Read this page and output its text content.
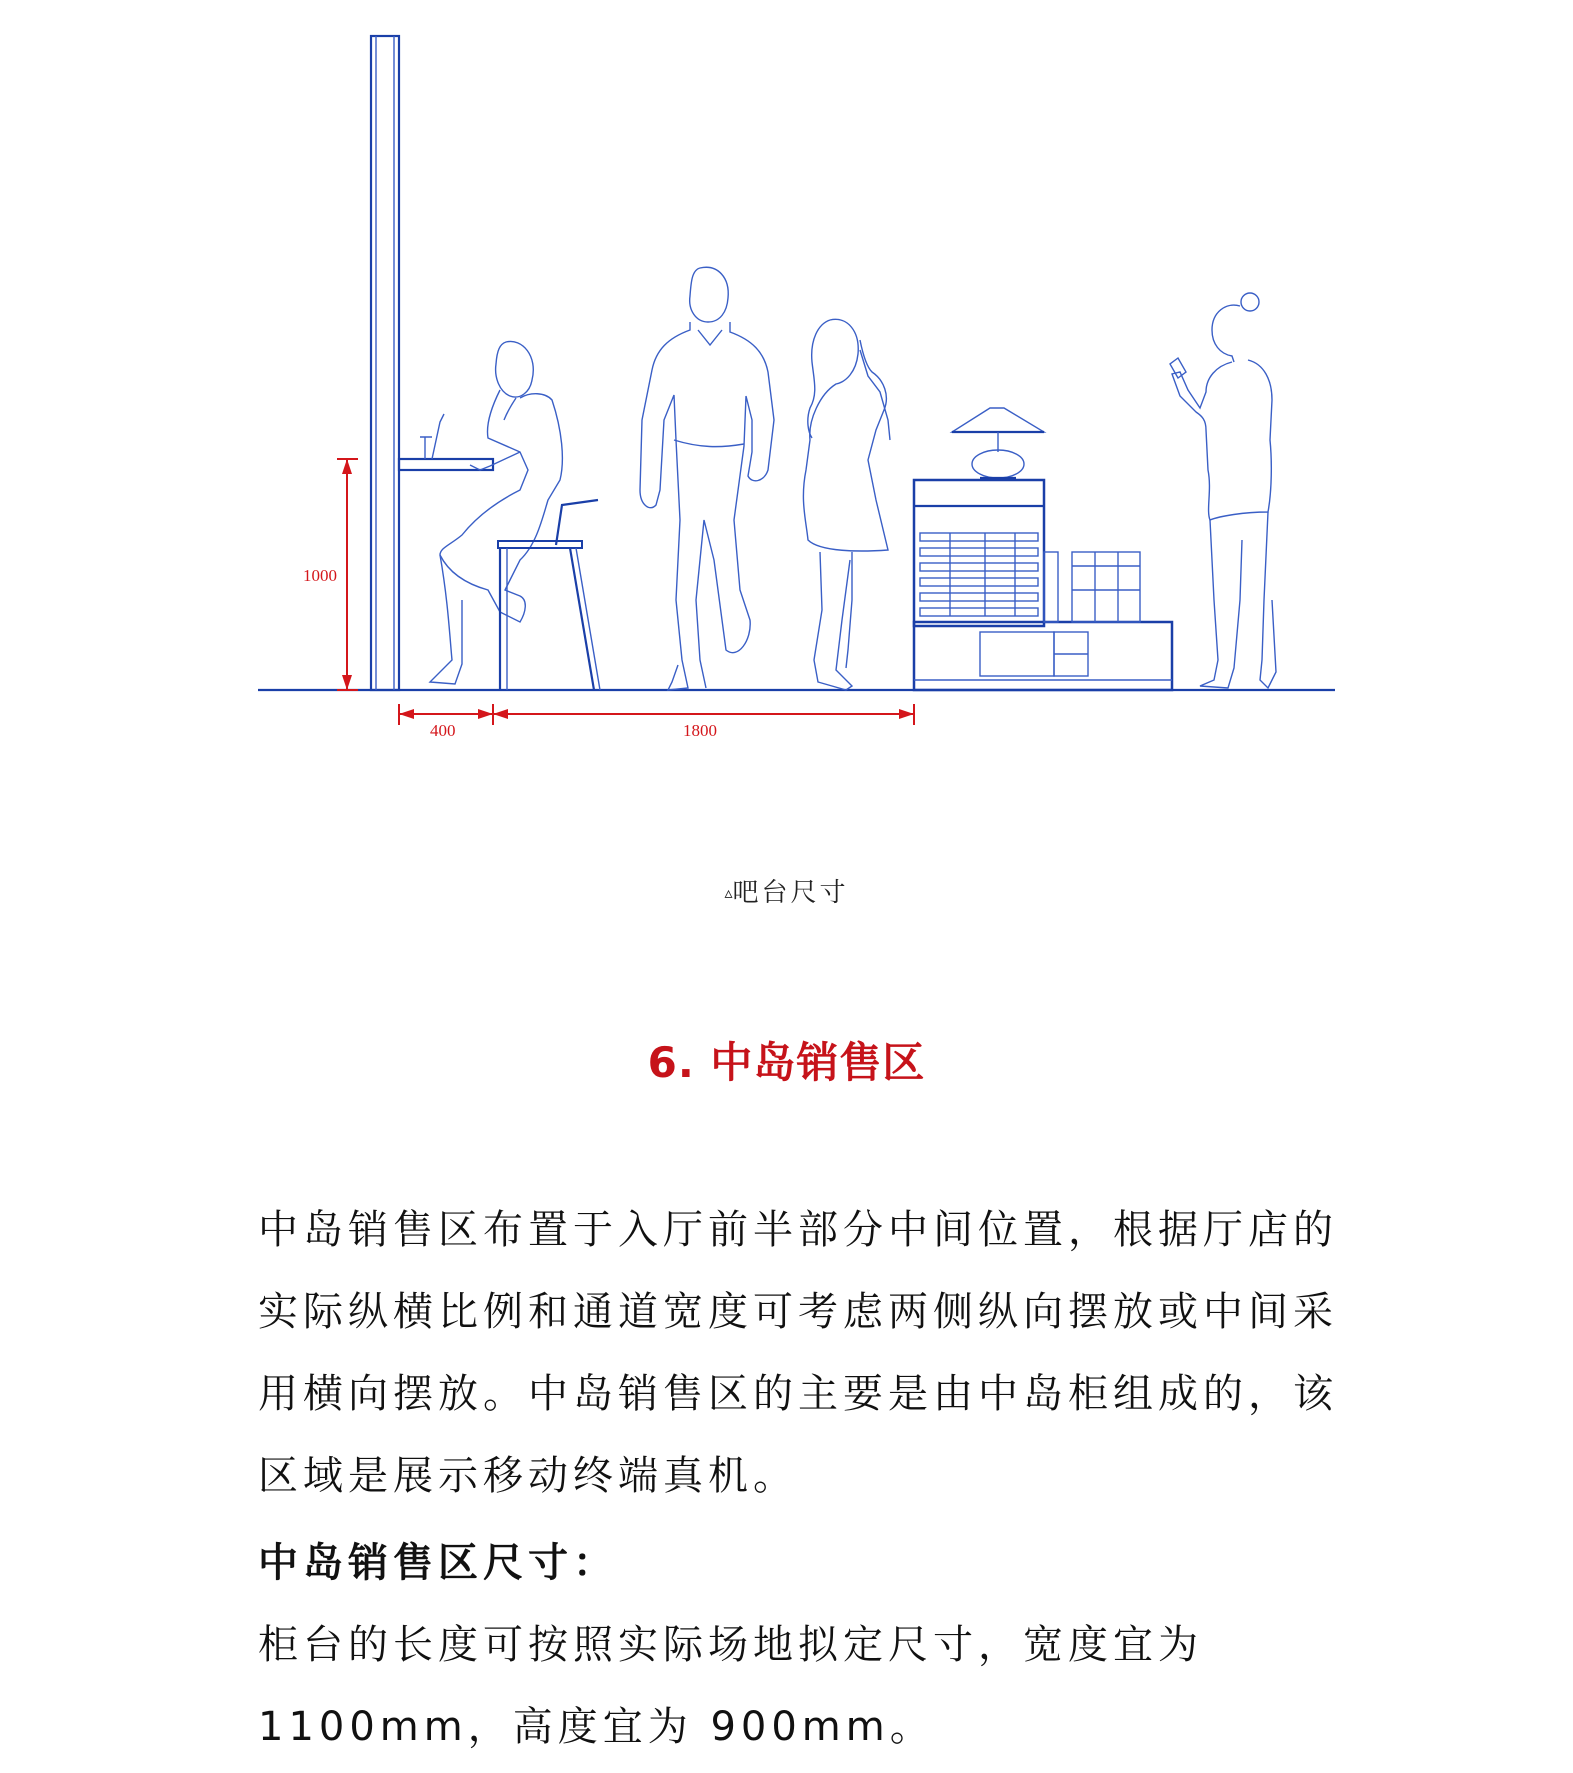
1000
400	1800
▵吧台尺寸
6. 中岛销售区

中岛销售区布置于入厅前半部分中间位置，根据厅店的实际纵横比例和通道宽度可考虑两侧纵向摆放或中间采用横向摆放。中岛销售区的主要是由中岛柜组成的，该区域是展示移动终端真机。

中岛销售区尺寸：

柜台的长度可按照实际场地拟定尺寸，宽度宜为1100mm，高度宜为 900mm。
